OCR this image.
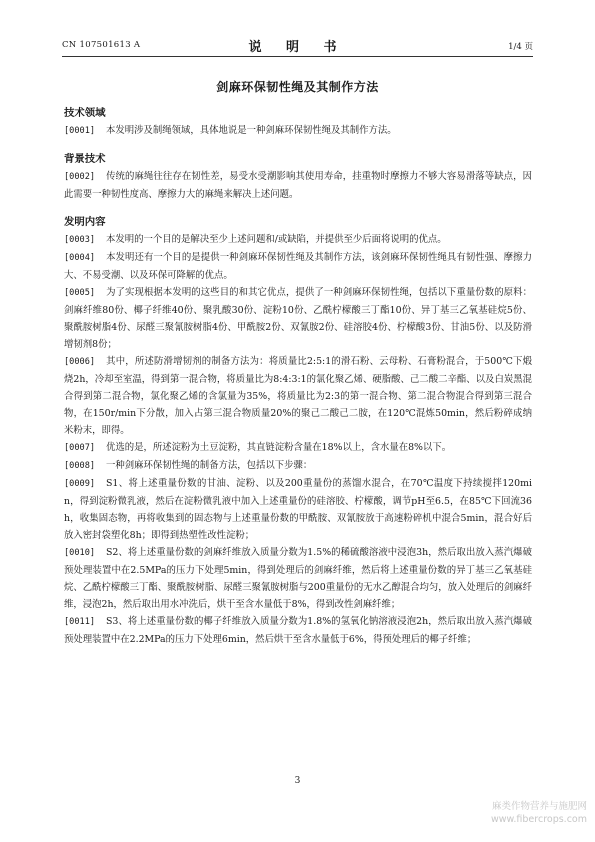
CN 107501613 A	说 明 书	1/4 页
剑麻环保韧性绳及其制作方法
技术领域

[0001] 本发明涉及制绳领域，具体地说是一种剑麻环保韧性绳及其制作方法。

背景技术

[0002] 传统的麻绳往往存在韧性差，易受水受潮影响其使用寿命，挂重物时摩擦力不够大容易滑落等缺点，因此需要一种韧性度高、摩擦力大的麻绳来解决上述问题。

发明内容

[0003] 本发明的一个目的是解决至少上述问题和/或缺陷，并提供至少后面将说明的优点。

[0004] 本发明还有一个目的是提供一种剑麻环保韧性绳及其制作方法，该剑麻环保韧性绳具有韧性强、摩擦力大、不易受潮、以及环保可降解的优点。

[0005] 为了实现根据本发明的这些目的和其它优点，提供了一种剑麻环保韧性绳，包括以下重量份数的原料：剑麻纤维80份、椰子纤维40份、聚乳酸30份、淀粉10份、乙酰柠檬酸三丁酯10份、异丁基三乙氧基硅烷5份、聚酰胺树脂4份、尿醛三聚氰胺树脂4份、甲酰胺2份、双氰胺2份、硅溶胶4份、柠檬酸3份、甘油5份、以及防滑增韧剂8份；

[0006] 其中，所述防滑增韧剂的制备方法为：将质量比2:5:1的滑石粉、云母粉、石膏粉混合，于500℃下煅烧2h，冷却至室温，得到第一混合物，将质量比为8:4:3:1的氯化聚乙烯、硬脂酸、己二酸二辛酯、以及白炭黑混合得到第二混合物，氯化聚乙烯的含氯量为35%，将质量比为2:3的第一混合物、第二混合物混合得到第三混合物，在150r/min下分散，加入占第三混合物质量20%的聚己二酸己二胺，在120℃混炼50min，然后粉碎成纳米粉末，即得。

[0007] 优选的是，所述淀粉为土豆淀粉，其直链淀粉含量在18%以上，含水量在8%以下。

[0008] 一种剑麻环保韧性绳的制备方法，包括以下步骤：

[0009] S1、将上述重量份数的甘油、淀粉、以及200重量份的蒸馏水混合，在70℃温度下持续搅拌120min，得到淀粉微乳液，然后在淀粉微乳液中加入上述重量份的硅溶胶、柠檬酸，调节pH至6.5，在85℃下回流36h，收集固态物，再将收集到的固态物与上述重量份数的甲酰胺、双氰胺放于高速粉碎机中混合5min，混合好后放入密封袋塑化8h；即得到热塑性改性淀粉；

[0010] S2、将上述重量份数的剑麻纤维放入质量分数为1.5%的稀硫酸溶液中浸泡3h，然后取出放入蒸汽爆破预处理装置中在2.5MPa的压力下处理5min，得到处理后的剑麻纤维，然后将上述重量份数的异丁基三乙氧基硅烷、乙酰柠檬酸三丁酯、聚酰胺树脂、尿醛三聚氰胺树脂与200重量份的无水乙醇混合均匀，放入处理后的剑麻纤维，浸泡2h，然后取出用水冲洗后，烘干至含水量低于8%，得到改性剑麻纤维；

[0011] S3、将上述重量份数的椰子纤维放入质量分数为1.8%的氢氧化钠溶液浸泡2h，然后取出放入蒸汽爆破预处理装置中在2.2MPa的压力下处理6min，然后烘干至含水量低于6%，得预处理后的椰子纤维；

3
麻类作物营养与施肥网
www.fibercrops.com
